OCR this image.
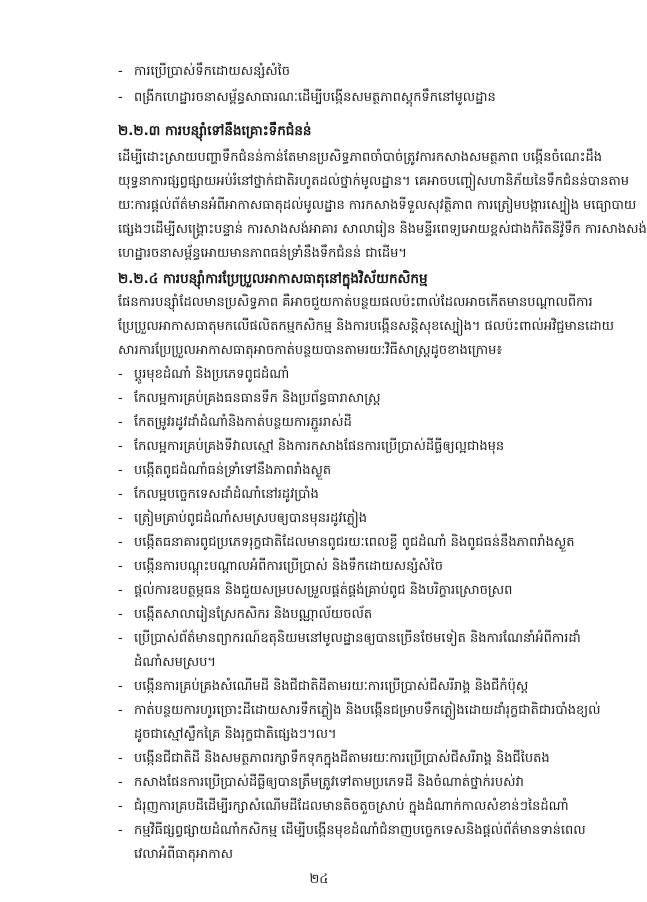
- ការប្រើប្រាស់ទឹកដោយសន្សំសំចៃ
- ពង្រីកហេដ្ឋារចនាសម្ព័ន្ធសាធារណៈដើម្បីបង្កើនសមត្ថភាពស្តុកទឹកនៅមូលដ្ឋាន
២.២.៣ ការបន្ស៊ាំទៅនឹងគ្រោះទឹកជំនន់
ដើម្បីដោះស្រាយបញ្ហាទឹកជំនន់កាន់តែមានប្រសិទ្ធភាពចាំបាច់ត្រូវការកសាងសមត្ថភាព បង្កើនចំណេះដឹង
យុទ្ធនាការផ្សព្វផ្សាយអប់រំនៅថ្នាក់ជាតិរហូតដល់ថ្នាក់មូលដ្ឋាន។ គេអាចបញ្ចៀសហានិភ័យនៃទឹកជំនន់បានតាម
យៈការផ្តល់ព័ត៌មានអំពីអាកាសធាតុដល់មូលដ្ឋាន ការកសាងទីទួលសុវត្ថិភាព ការត្រៀមបង្ការស្បៀង មធ្យោបាយ
ផ្សេងៗដើម្បីសង្គ្រោះបន្ទាន់ ការសាងសង់អាគារ សាលារៀន និងមន្ទីរពេទ្យអោយខ្ពស់ជាងកំរិតនីវ៉ូទឹក ការសាងសង់
ហេដ្ឋារចនាសម្ព័ន្ធអោយមានភាពធន់ទ្រាំនឹងទឹកជំនន់ ជាដើម។
២.២.៤ ការបន្ស៊ាំការប្រែប្រួលអាកាសធាតុនៅក្នុងវិស័យកសិកម្ម
ផែនការបន្ស៊ាំដែលមានប្រសិទ្ធភាព គឺអាចជួយកាត់បន្ថយផលប៉ះពាល់ដែលអាចកើតមានបណ្តាលពីការ
ប្រែប្រួលអាកាសធាតុមកលើផលិតកម្មកសិកម្ម និងការបង្កើនសន្តិសុខស្បៀង។ ផលប៉ះពាល់អវិជ្ជមានដោយ
សារការប្រែប្រួលអាកាសធាតុអាចកាត់បន្ថយបានតាមរយៈវិធីសាស្ត្រដូចខាងក្រោម៖
- ប្តូរមុខដំណាំ និងប្រភេទពូជដំណាំ
- កែលម្អការគ្រប់គ្រងធនធានទឹក និងប្រព័ន្ធធារាសាស្ត្រ
- កែតម្រូវរដូវដាំដំណាំនិងកាត់បន្ថយការភ្ជួររាស់ដី
- កែលម្អការគ្រប់គ្រងទីវាលស្មៅ និងការកសាងផែនការប្រើប្រាស់ដីធ្លីឲ្យល្អជាងមុន
- បង្កើតពូជដំណាំធន់ទ្រាំទៅនឹងភាពរាំងស្ងួត
- កែលម្អបច្ចេកទេសដាំដំណាំនៅរដូវប្រាំង
- ត្រៀមគ្រាប់ពូជដំណាំសមស្របឲ្យបានមុនរដូវភ្លៀង
- បង្កើតធនាគារពូជប្រភេទរុក្ខជាតិដែលមានពូជរយៈពេលខ្លី ពូជដំណាំ និងពូជធន់នឹងភាពរាំងស្ងួត
- បង្កើនការបណ្តុះបណ្តាលអំពីការប្រើប្រាស់ និងទឹកដោយសន្សំសំចៃ
- ផ្តល់ការឧបត្ថម្ភធន និងជួយសម្របសម្រួលផ្គត់ផ្គង់គ្រាប់ពូជ និងបរិក្ខារស្រោចស្រព
- បង្កើតសាលារៀនស្រែកសិករ និងបណ្ណាល័យចល័ត
- ប្រើប្រាស់ព័ត៌មានព្យាករណ៍ឧតុនិយមនៅមូលដ្ឋានឲ្យបានច្រើនថែមទៀត និងការណែនាំអំពីការដាំ
ដំណាំសមស្រប។
- បង្កើនការគ្រប់គ្រងសំណើមដី និងជីជាតិដីតាមរយៈការប្រើប្រាស់ជីសរីរាង្គ និងជីកំប៉ុស្ត
- កាត់បន្ថយការហូរច្រោះដីដោយសារទឹកភ្លៀង និងបង្កើនជម្រាបទឹកភ្លៀងដោយដាំរុក្ខជាតិជារបាំងខ្យល់
ដូចជាស្មៅស្លឹកគ្រៃ និងរុក្ខជាតិផ្សេងៗ។ល។
- បង្កើនជីជាតិដី និងសមត្ថភាពរក្សាទឹកទុកក្នុងដីតាមរយៈការប្រើប្រាស់ជីសរីរាង្គ និងជីបៃតង
- កសាងផែនការប្រើប្រាស់ដីធ្លីឲ្យបានត្រឹមត្រូវទៅតាមប្រភេទដី និងចំណាត់ថ្នាក់របស់វា
- ជំរុញការគ្របដីដើម្បីរក្សាសំណើមដីដែលមានតិចតួចស្រាប់ ក្នុងដំណាក់កាលសំខាន់ៗនៃដំណាំ
- កម្មវិធីផ្សព្វផ្សាយដំណាំកសិកម្ម ដើម្បីបង្កើនមុខដំណាំជំនាញបច្ចេកទេសនិងផ្តល់ព័ត៌មានទាន់ពេល
វេលាអំពីធាតុអាកាស
២៤
